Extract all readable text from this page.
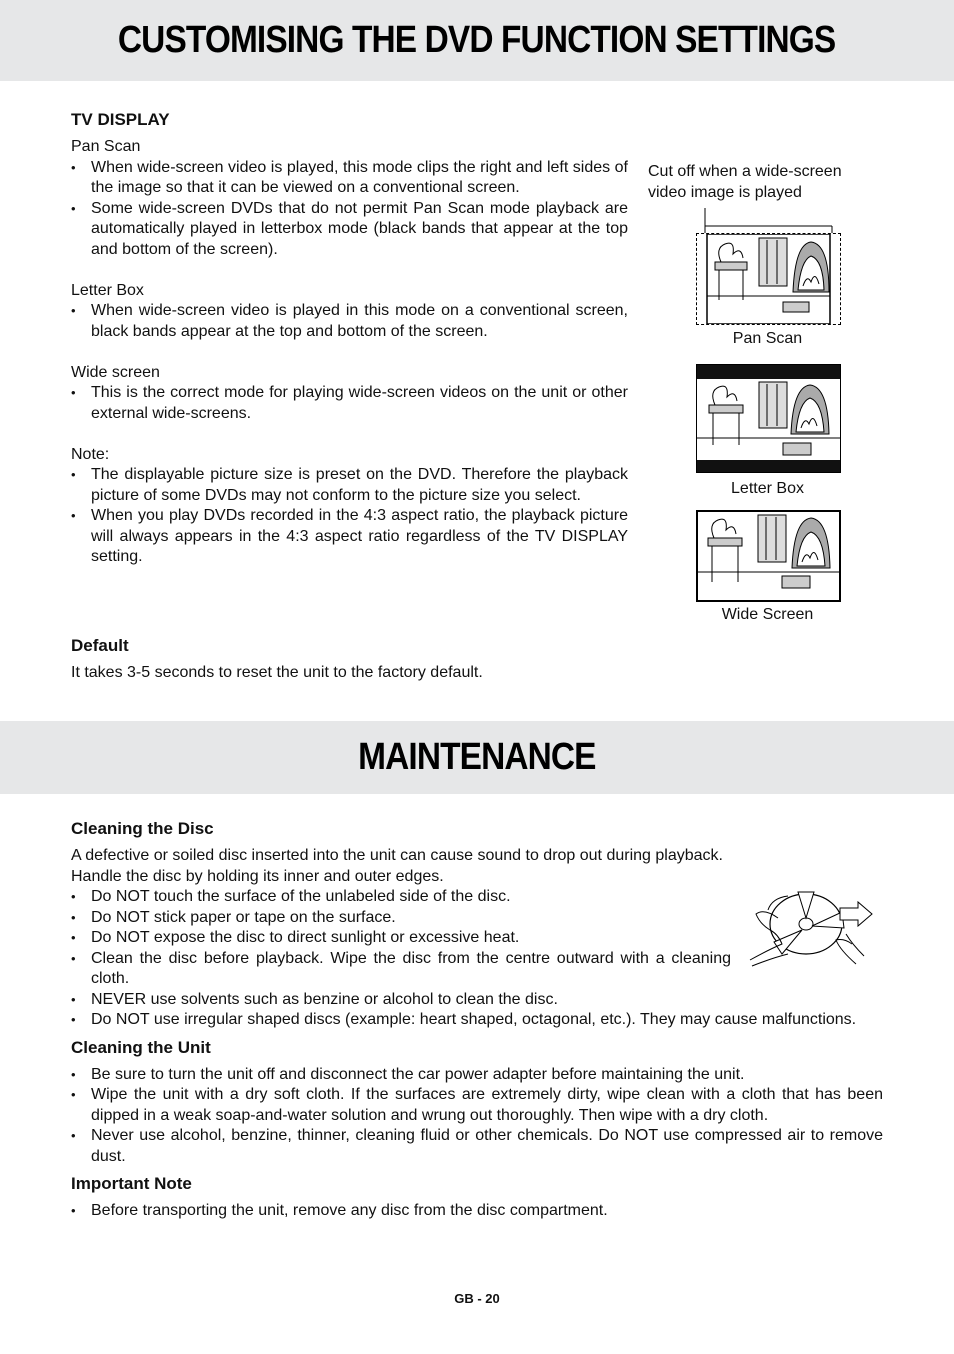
CUSTOMISING THE DVD FUNCTION SETTINGS

TV DISPLAY

Pan Scan

• When wide-screen video is played, this mode clips the right and left sides of the image so that it can be viewed on a conventional screen.
• Some wide-screen DVDs that do not permit Pan Scan mode playback are automatically played in letterbox mode (black bands that appear at the top and bottom of the screen).

Letter Box

• When wide-screen video is played in this mode on a conventional screen, black bands appear at the top and bottom of the screen.

Wide screen

• This is the correct mode for playing wide-screen videos on the unit or other external wide-screens.

Note:

• The displayable picture size is preset on the DVD. Therefore the playback picture of some DVDs may not conform to the picture size you select.
• When you play DVDs recorded in the 4:3 aspect ratio, the playback picture will always appears in the 4:3 aspect ratio regardless of the TV DISPLAY setting.
Cut off when a wide-screen video image is played
Pan Scan
Letter Box
Wide Screen

Default

It takes 3-5 seconds to reset the unit to the factory default.

MAINTENANCE

Cleaning the Disc

A defective or soiled disc inserted into the unit can cause sound to drop out during playback.

Handle the disc by holding its inner and outer edges.

• Do NOT touch the surface of the unlabeled side of the disc.
• Do NOT stick paper or tape on the surface.
• Do NOT expose the disc to direct sunlight or excessive heat.
• Clean the disc before playback. Wipe the disc from the centre outward with a cleaning cloth.
• NEVER use solvents such as benzine or alcohol to clean the disc.
• Do NOT use irregular shaped discs (example: heart shaped, octagonal, etc.). They may cause malfunctions.

Cleaning the Unit

• Be sure to turn the unit off and disconnect the car power adapter before maintaining the unit.
• Wipe the unit with a dry soft cloth. If the surfaces are extremely dirty, wipe clean with a cloth that has been dipped in a weak soap-and-water solution and wrung out thoroughly. Then wipe with a dry cloth.
• Never use alcohol, benzine, thinner, cleaning fluid or other chemicals. Do NOT use compressed air to remove dust.

Important Note

• Before transporting the unit, remove any disc from the disc compartment.
GB - 20
